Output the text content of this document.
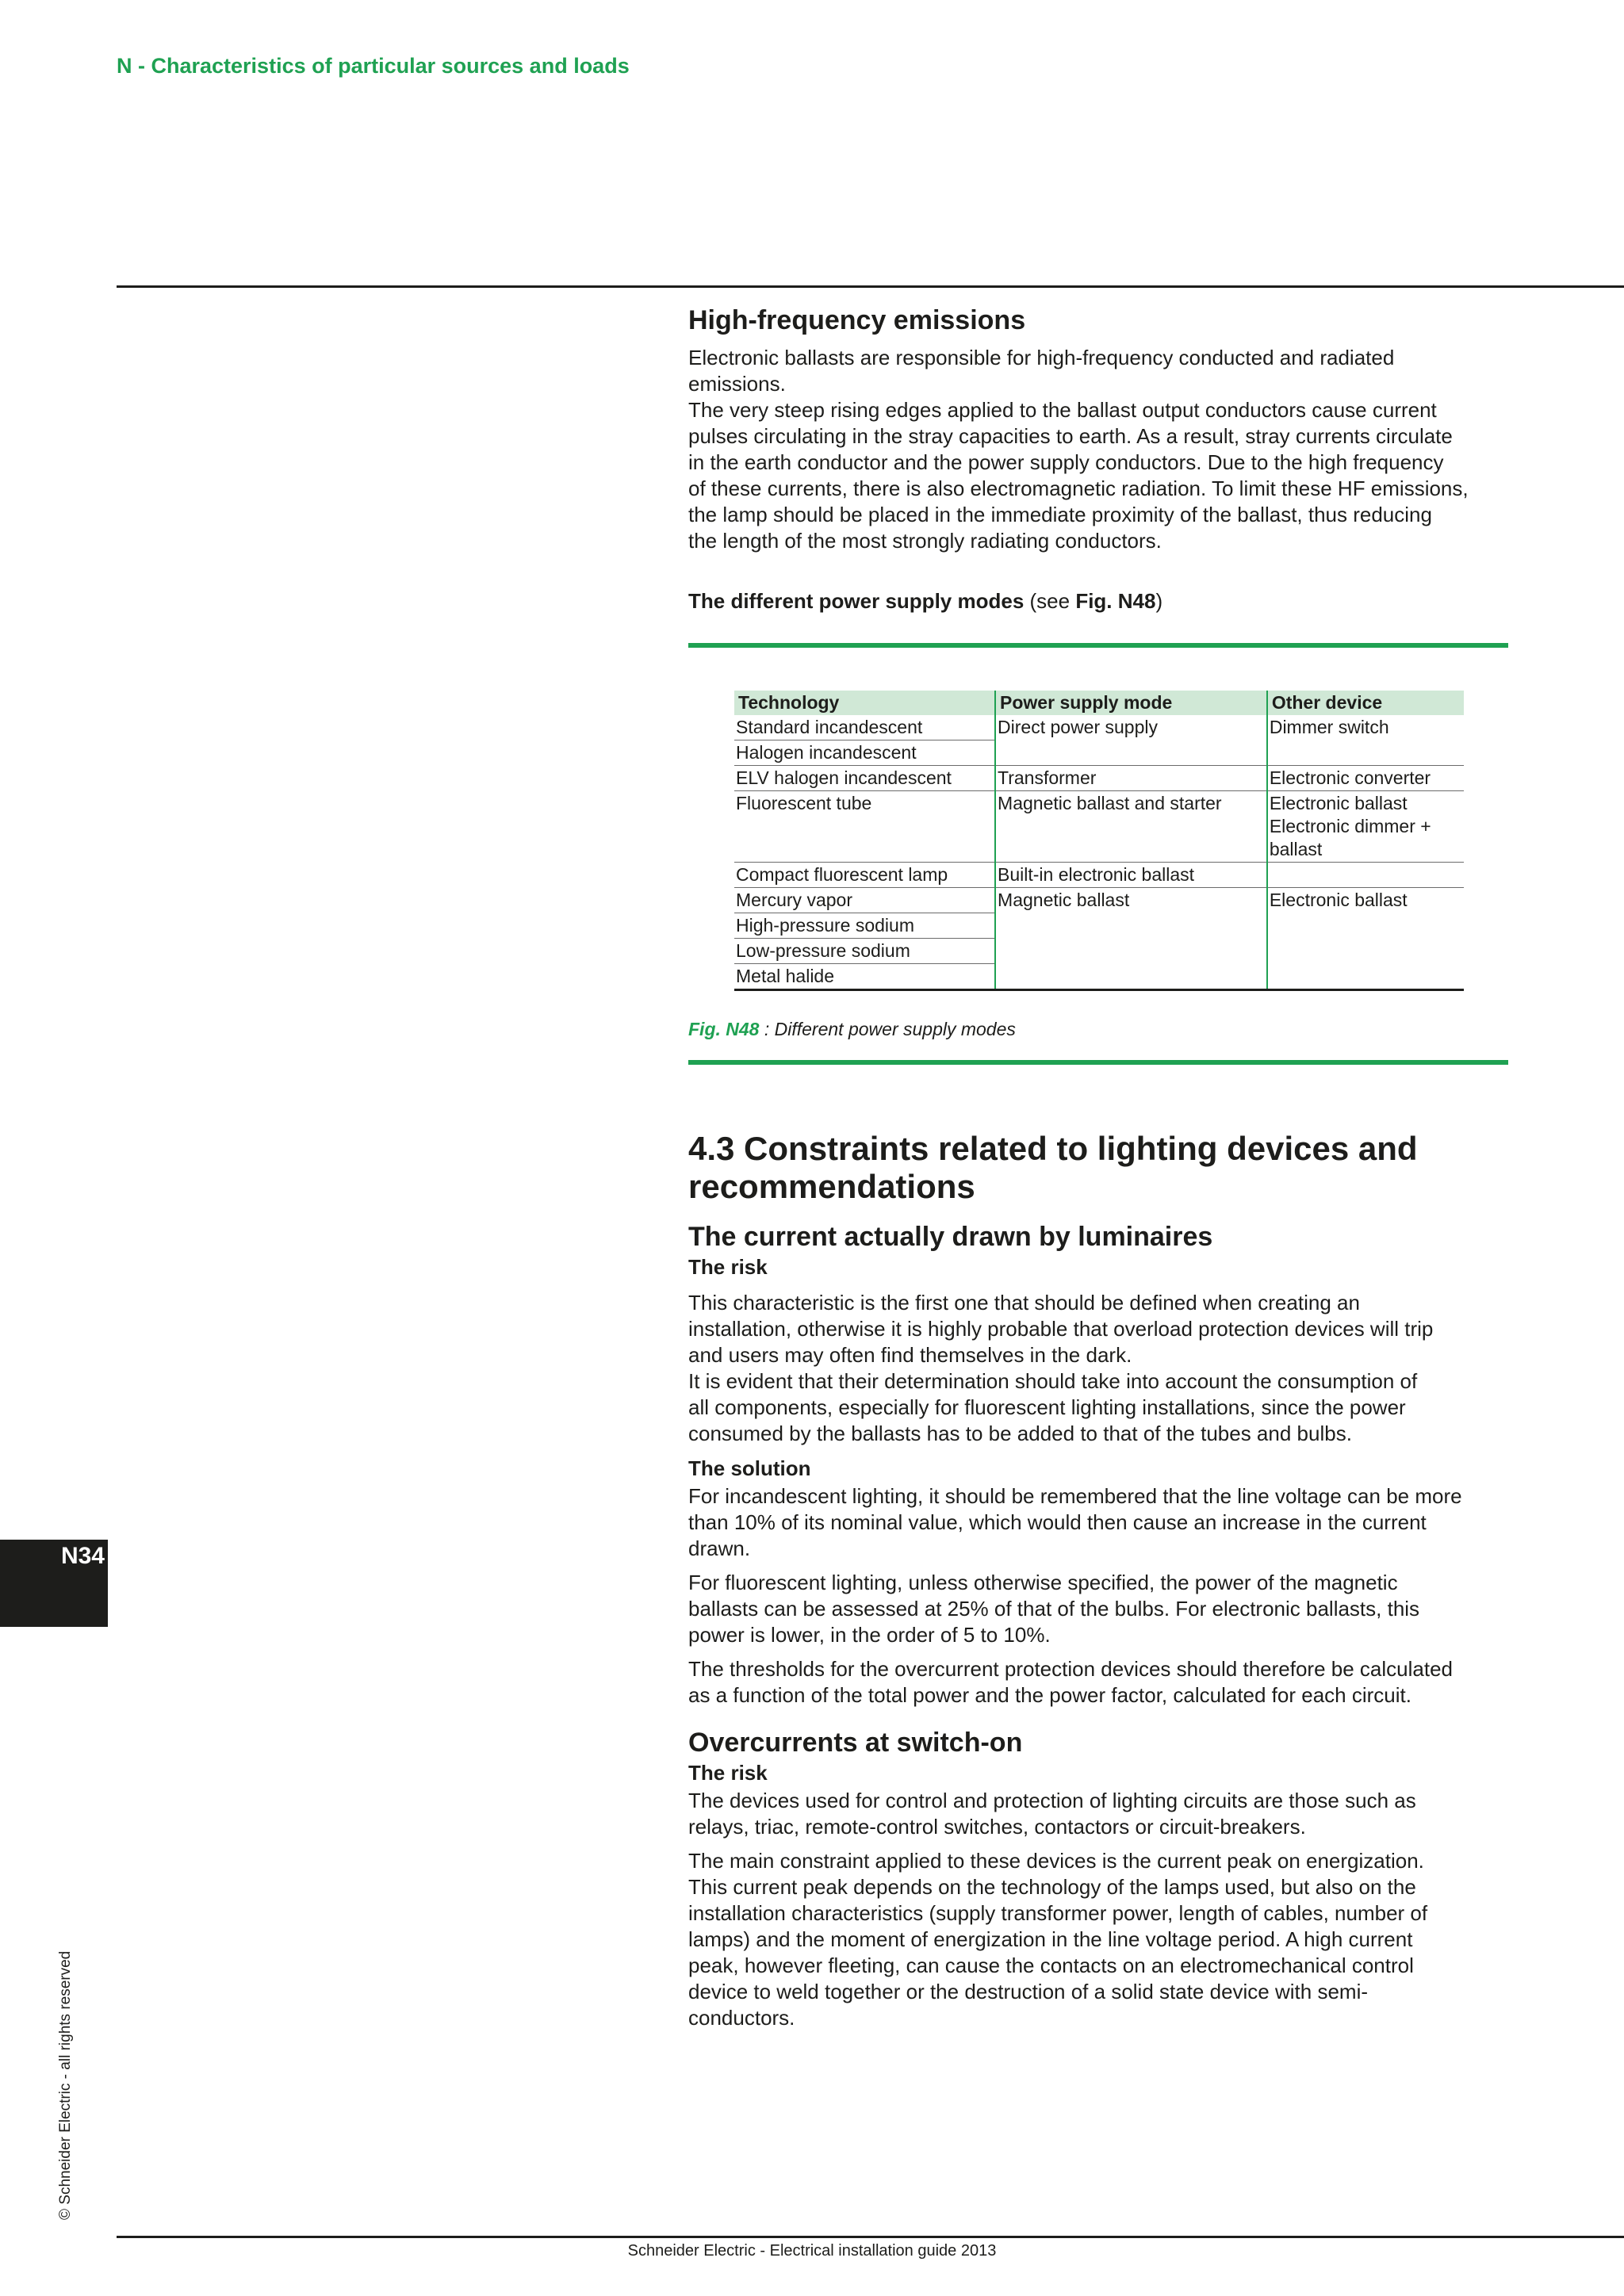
N - Characteristics of particular sources and loads
High-frequency emissions

Electronic ballasts are responsible for high-frequency conducted and radiated
emissions.
The very steep rising edges applied to the ballast output conductors cause current
pulses circulating in the stray capacities to earth. As a result, stray currents circulate
in the earth conductor and the power supply conductors. Due to the high frequency
of these currents, there is also electromagnetic radiation. To limit these HF emissions,
the lamp should be placed in the immediate proximity of the ballast, thus reducing
the length of the most strongly radiating conductors.

The different power supply modes (see Fig. N48)

Technology	Power supply mode	Other device
Standard incandescent	Direct power supply	Dimmer switch
Halogen incandescent		
ELV halogen incandescent	Transformer	Electronic converter
Fluorescent tube	Magnetic ballast and starter	Electronic ballast
Electronic dimmer +
ballast
Compact fluorescent lamp	Built-in electronic ballast	
Mercury vapor	Magnetic ballast	Electronic ballast
High-pressure sodium		
Low-pressure sodium		
Metal halide		
Fig. N48 : Different power supply modes
4.3 Constraints related to lighting devices and
recommendations
The current actually drawn by luminaires
The risk

This characteristic is the first one that should be defined when creating an
installation, otherwise it is highly probable that overload protection devices will trip
and users may often find themselves in the dark.
It is evident that their determination should take into account the consumption of
all components, especially for fluorescent lighting installations, since the power
consumed by the ballasts has to be added to that of the tubes and bulbs.

The solution

For incandescent lighting, it should be remembered that the line voltage can be more
than 10% of its nominal value, which would then cause an increase in the current
drawn.

For fluorescent lighting, unless otherwise specified, the power of the magnetic
ballasts can be assessed at 25% of that of the bulbs. For electronic ballasts, this
power is lower, in the order of 5 to 10%.

The thresholds for the overcurrent protection devices should therefore be calculated
as a function of the total power and the power factor, calculated for each circuit.

Overcurrents at switch-on
The risk

The devices used for control and protection of lighting circuits are those such as
relays, triac, remote-control switches, contactors or circuit-breakers.

The main constraint applied to these devices is the current peak on energization.
This current peak depends on the technology of the lamps used, but also on the
installation characteristics (supply transformer power, length of cables, number of
lamps) and the moment of energization in the line voltage period. A high current
peak, however fleeting, can cause the contacts on an electromechanical control
device to weld together or the destruction of a solid state device with semi-
conductors.

N34
© Schneider Electric - all rights reserved
Schneider Electric - Electrical installation guide 2013
